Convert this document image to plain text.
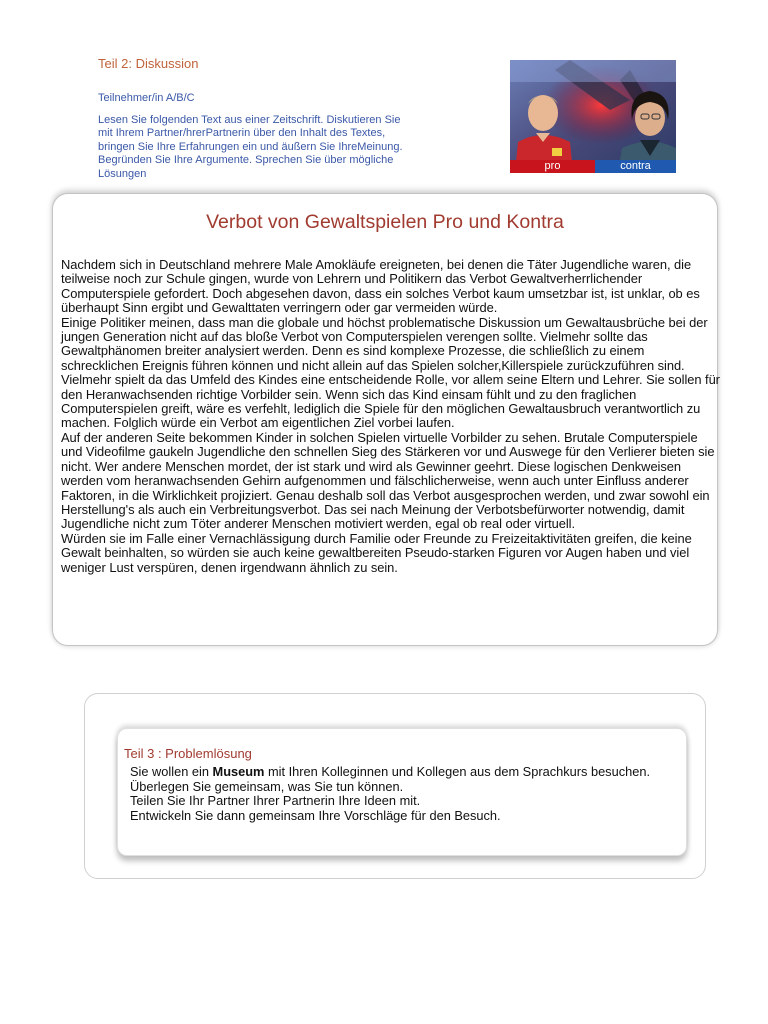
Teil 2: Diskussion
Teilnehmer/in A/B/C
Lesen Sie folgenden Text aus einer Zeitschrift. Diskutieren Sie mit Ihrem Partner/hrerPartnerin über den Inhalt des Textes, bringen Sie Ihre Erfahrungen ein und äußern Sie IhreMeinung. Begründen Sie Ihre Argumente. Sprechen Sie über mögliche Lösungen
pro	contra
Verbot von Gewaltspielen Pro und Kontra

Nachdem sich in Deutschland mehrere Male Amokläufe ereigneten, bei denen die Täter Jugendliche waren, die teilweise noch zur Schule gingen, wurde von Lehrern und Politikern das Verbot Gewaltverherrlichender Computerspiele gefordert. Doch abgesehen davon, dass ein solches Verbot kaum umsetzbar ist, ist unklar, ob es überhaupt Sinn ergibt und Gewalttaten verringern oder gar vermeiden würde.

Einige Politiker meinen, dass man die globale und höchst problematische Diskussion um Gewaltausbrüche bei der jungen Generation nicht auf das bloße Verbot von Computerspielen verengen sollte. Vielmehr sollte das Gewaltphänomen breiter analysiert werden. Denn es sind komplexe Prozesse, die schließlich zu einem schrecklichen Ereignis führen können und nicht allein auf das Spielen solcher,Killerspiele zurückzuführen sind. Vielmehr spielt da das Umfeld des Kindes eine entscheidende Rolle, vor allem seine Eltern und Lehrer. Sie sollen für den Heranwachsenden richtige Vorbilder sein. Wenn sich das Kind einsam fühlt und zu den fraglichen Computerspielen greift, wäre es verfehlt, lediglich die Spiele für den möglichen Gewaltausbruch verantwortlich zu machen. Folglich würde ein Verbot am eigentlichen Ziel vorbei laufen.

Auf der anderen Seite bekommen Kinder in solchen Spielen virtuelle Vorbilder zu sehen. Brutale Computerspiele und Videofilme gaukeln Jugendliche den schnellen Sieg des Stärkeren vor und Auswege für den Verlierer bieten sie nicht. Wer andere Menschen mordet, der ist stark und wird als Gewinner geehrt. Diese logischen Denkweisen werden vom heranwachsenden Gehirn aufgenommen und fälschlicherweise, wenn auch unter Einfluss anderer Faktoren, in die Wirklichkeit projiziert. Genau deshalb soll das Verbot ausgesprochen werden, und zwar sowohl ein Herstellung's als auch ein Verbreitungsverbot. Das sei nach Meinung der Verbotsbefürworter notwendig, damit Jugendliche nicht zum Töter anderer Menschen motiviert werden, egal ob real oder virtuell.

Würden sie im Falle einer Vernachlässigung durch Familie oder Freunde zu Freizeitaktivitäten greifen, die keine Gewalt beinhalten, so würden sie auch keine gewaltbereiten Pseudo-starken Figuren vor Augen haben und viel weniger Lust verspüren, denen irgendwann ähnlich zu sein.

Teil 3 : Problemlösung
Sie wollen ein Museum mit Ihren Kolleginnen und Kollegen aus dem Sprachkurs besuchen.
Überlegen Sie gemeinsam, was Sie tun können.
Teilen Sie Ihr Partner Ihrer Partnerin Ihre Ideen mit.
Entwickeln Sie dann gemeinsam Ihre Vorschläge für den Besuch.
